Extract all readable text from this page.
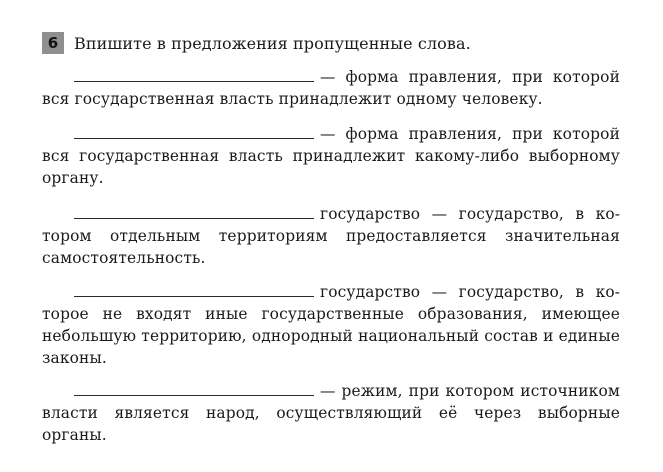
6 Впишите в предложения пропущенные слова.

— форма правления, при которой вся государственная власть принадлежит одному человеку.

— форма правления, при которой вся государственная власть принадлежит какому-либо выборному органу.

государство — государство, в котором отдельным территориям предоставляется значительная самостоятельность.

государство — государство, в которое не входят иные государственные образования, имеющее небольшую территорию, однородный национальный состав и единые законы.

— режим, при котором источником власти является народ, осуществляющий её через выборные органы.
